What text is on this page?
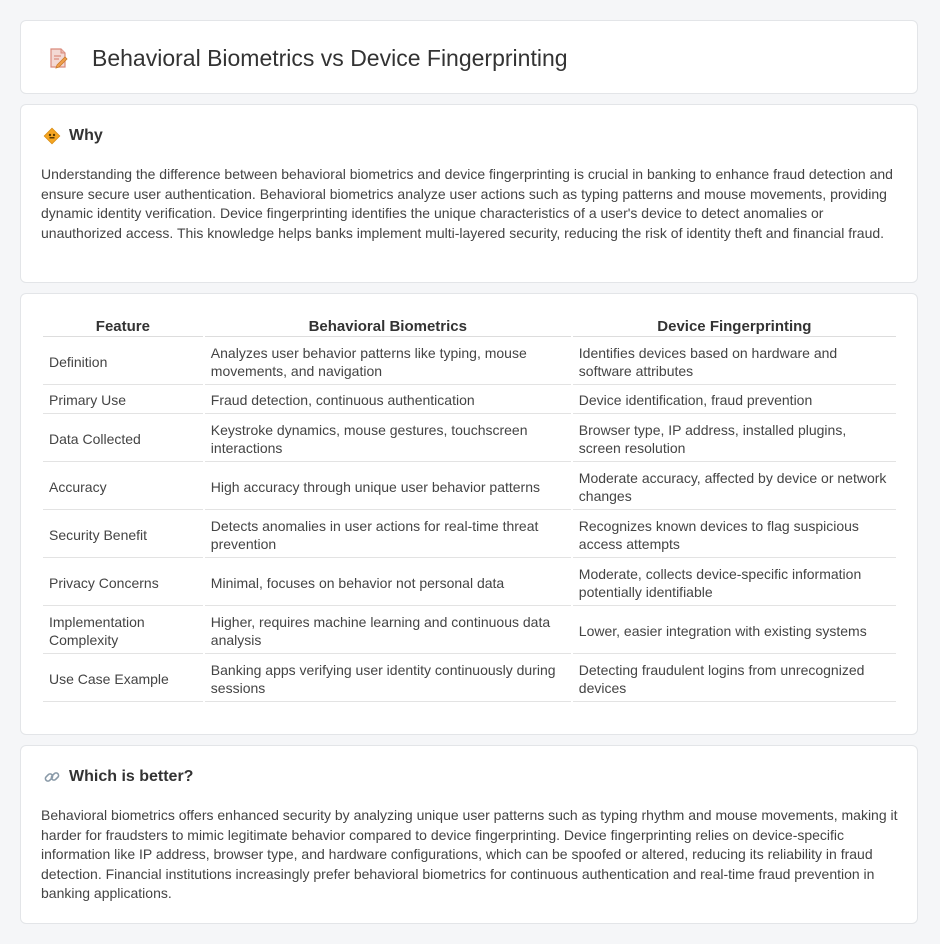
Behavioral Biometrics vs Device Fingerprinting
Why

Understanding the difference between behavioral biometrics and device fingerprinting is crucial in banking to enhance fraud detection and ensure secure user authentication. Behavioral biometrics analyze user actions such as typing patterns and mouse movements, providing dynamic identity verification. Device fingerprinting identifies the unique characteristics of a user's device to detect anomalies or unauthorized access. This knowledge helps banks implement multi-layered security, reducing the risk of identity theft and financial fraud.

Feature	Behavioral Biometrics	Device Fingerprinting
Definition	Analyzes user behavior patterns like typing, mouse movements, and navigation	Identifies devices based on hardware and software attributes
Primary Use	Fraud detection, continuous authentication	Device identification, fraud prevention
Data Collected	Keystroke dynamics, mouse gestures, touchscreen interactions	Browser type, IP address, installed plugins, screen resolution
Accuracy	High accuracy through unique user behavior patterns	Moderate accuracy, affected by device or network changes
Security Benefit	Detects anomalies in user actions for real-time threat prevention	Recognizes known devices to flag suspicious access attempts
Privacy Concerns	Minimal, focuses on behavior not personal data	Moderate, collects device-specific information potentially identifiable
Implementation Complexity	Higher, requires machine learning and continuous data analysis	Lower, easier integration with existing systems
Use Case Example	Banking apps verifying user identity continuously during sessions	Detecting fraudulent logins from unrecognized devices
Which is better?

Behavioral biometrics offers enhanced security by analyzing unique user patterns such as typing rhythm and mouse movements, making it harder for fraudsters to mimic legitimate behavior compared to device fingerprinting. Device fingerprinting relies on device-specific information like IP address, browser type, and hardware configurations, which can be spoofed or altered, reducing its reliability in fraud detection. Financial institutions increasingly prefer behavioral biometrics for continuous authentication and real-time fraud prevention in banking applications.
